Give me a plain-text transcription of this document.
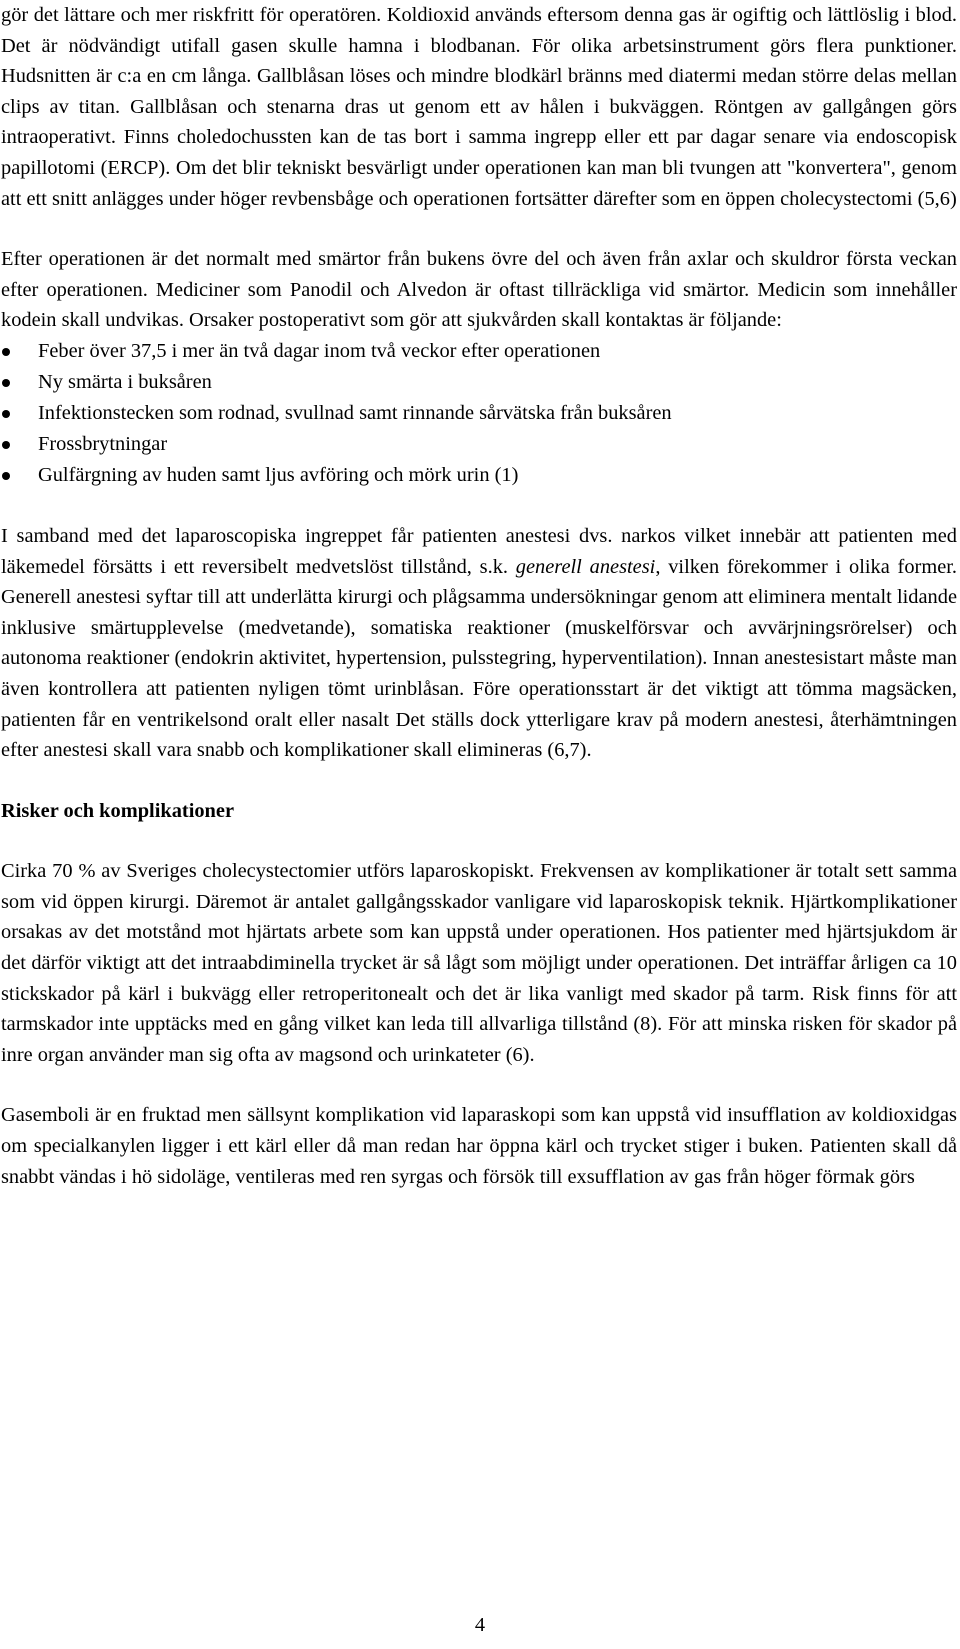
gör det lättare och mer riskfritt för operatören. Koldioxid används eftersom denna gas är ogiftig och lättlöslig i blod. Det är nödvändigt utifall gasen skulle hamna i blodbanan. För olika arbetsinstrument görs flera punktioner. Hudsnitten är c:a en cm långa. Gallblåsan löses och mindre blodkärl bränns med diatermi medan större delas mellan clips av titan. Gallblåsan och stenarna dras ut genom ett av hålen i bukväggen. Röntgen av gallgången görs intraoperativt. Finns choledochussten kan de tas bort i samma ingrepp eller ett par dagar senare via endoscopisk papillotomi (ERCP). Om det blir tekniskt besvärligt under operationen kan man bli tvungen att "konvertera", genom att ett snitt anlägges under höger revbensbåge och operationen fortsätter därefter som en öppen cholecystectomi (5,6)

Efter operationen är det normalt med smärtor från bukens övre del och även från axlar och skuldror första veckan efter operationen. Mediciner som Panodil och Alvedon är oftast tillräckliga vid smärtor. Medicin som innehåller kodein skall undvikas. Orsaker postoperativt som gör att sjukvården skall kontaktas är följande:

Feber över 37,5 i mer än två dagar inom två veckor efter operationen
Ny smärta i buksåren
Infektionstecken som rodnad, svullnad samt rinnande sårvätska från buksåren
Frossbrytningar
Gulfärgning av huden samt ljus avföring och mörk urin (1)

I samband med det laparoscopiska ingreppet får patienten anestesi dvs. narkos vilket innebär att patienten med läkemedel försätts i ett reversibelt medvetslöst tillstånd, s.k. generell anestesi, vilken förekommer i olika former. Generell anestesi syftar till att underlätta kirurgi och plågsamma undersökningar genom att eliminera mentalt lidande inklusive smärtupplevelse (medvetande), somatiska reaktioner (muskelförsvar och avvärjningsrörelser) och autonoma reaktioner (endokrin aktivitet, hypertension, pulsstegring, hyperventilation). Innan anestesistart måste man även kontrollera att patienten nyligen tömt urinblåsan. Före operationsstart är det viktigt att tömma magsäcken, patienten får en ventrikelsond oralt eller nasalt Det ställs dock ytterligare krav på modern anestesi, återhämtningen efter anestesi skall vara snabb och komplikationer skall elimineras (6,7).

Risker och komplikationer

Cirka 70 % av Sveriges cholecystectomier utförs laparoskopiskt. Frekvensen av komplikationer är totalt sett samma som vid öppen kirurgi. Däremot är antalet gallgångsskador vanligare vid laparoskopisk teknik. Hjärtkomplikationer orsakas av det motstånd mot hjärtats arbete som kan uppstå under operationen. Hos patienter med hjärtsjukdom är det därför viktigt att det intraabdiminella trycket är så lågt som möjligt under operationen. Det inträffar årligen ca 10 stickskador på kärl i bukvägg eller retroperitonealt och det är lika vanligt med skador på tarm. Risk finns för att tarmskador inte upptäcks med en gång vilket kan leda till allvarliga tillstånd (8). För att minska risken för skador på inre organ använder man sig ofta av magsond och urinkateter (6).

Gasemboli är en fruktad men sällsynt komplikation vid laparaskopi som kan uppstå vid insufflation av koldioxidgas om specialkanylen ligger i ett kärl eller då man redan har öppna kärl och trycket stiger i buken. Patienten skall då snabbt vändas i hö sidoläge, ventileras med ren syrgas och försök till exsufflation av gas från höger förmak görs

4
